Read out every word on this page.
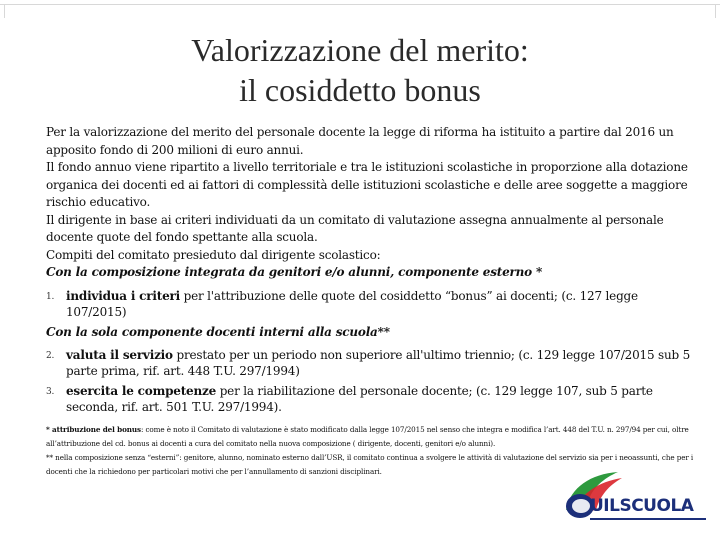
Valorizzazione del merito:
il cosiddetto bonus

Per la valorizzazione del merito del personale docente la legge di riforma ha istituito a partire dal 2016 un apposito fondo di 200 milioni di euro annui.

Il fondo annuo viene ripartito a livello territoriale e tra le istituzioni scolastiche in proporzione alla dotazione organica dei docenti ed ai fattori di complessità delle istituzioni scolastiche e delle aree soggette a maggiore rischio educativo.

Il dirigente in base ai criteri individuati da un comitato di valutazione assegna annualmente al personale docente quote del fondo spettante alla scuola.

Compiti del comitato presieduto dal dirigente scolastico:

Con la composizione integrata da genitori e/o alunni, componente esterno *

1. individua i criteri per l'attribuzione delle quote del cosiddetto “bonus” ai docenti; (c. 127 legge 107/2015)

Con la sola componente docenti interni alla scuola**

2. valuta il servizio prestato per un periodo non superiore all'ultimo triennio; (c. 129 legge 107/2015 sub 5 parte prima, rif. art. 448 T.U. 297/1994)
3. esercita le competenze per la riabilitazione del personale docente; (c. 129 legge 107, sub 5 parte seconda, rif. art. 501 T.U. 297/1994).
* attribuzione del bonus: come è noto il Comitato di valutazione è stato modificato dalla legge 107/2015 nel senso che integra e modifica l’art. 448 del T.U. n. 297/94 per cui, oltre all’attribuzione del cd. bonus ai docenti a cura del comitato nella nuova composizione ( dirigente, docenti, genitori e/o alunni).
** nella composizione senza “esterni”: genitore, alunno, nominato esterno dall’USR, il comitato continua a svolgere le attività di valutazione del servizio sia per i neoassunti, che per i docenti che la richiedono per particolari motivi che per l’annullamento di sanzioni disciplinari.
UILSCUOLA
